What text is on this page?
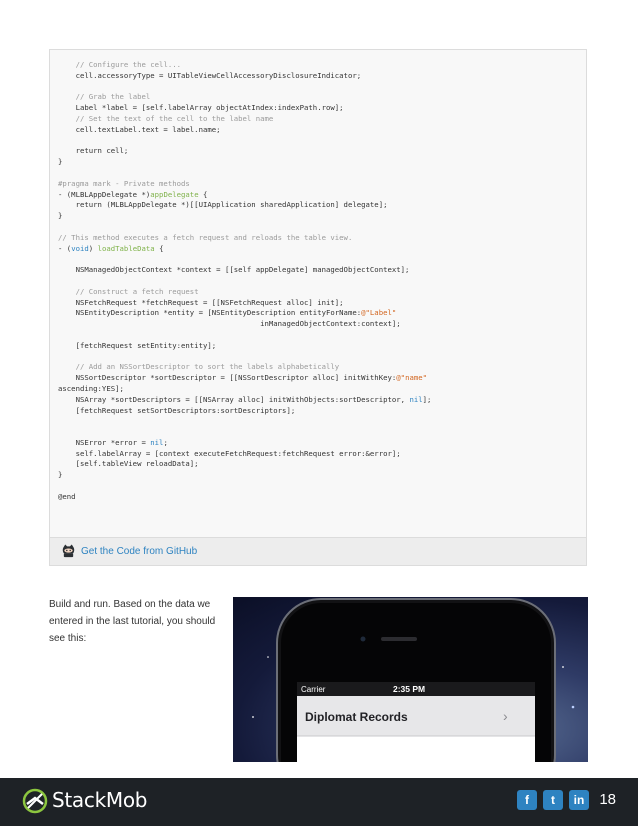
// Configure the cell...
cell.accessoryType = UITableViewCellAccessoryDisclosureIndicator;
// Grab the label
Label *label = [self.labelArray objectAtIndex:indexPath.row];
// Set the text of the cell to the label name
cell.textLabel.text = label.name;
return cell;
}
#pragma mark - Private methods
- (MLBLAppDelegate *)appDelegate {
return (MLBLAppDelegate *)[[UIApplication sharedApplication] delegate];
}
// This method executes a fetch request and reloads the table view.
- (void) loadTableData {
NSManagedObjectContext *context = [[self appDelegate] managedObjectContext];
// Construct a fetch request
NSFetchRequest *fetchRequest = [[NSFetchRequest alloc] init];
NSEntityDescription *entity = [NSEntityDescription entityForName:@"Label"
inManagedObjectContext:context];
[fetchRequest setEntity:entity];
// Add an NSSortDescriptor to sort the labels alphabetically
NSSortDescriptor *sortDescriptor = [[NSSortDescriptor alloc] initWithKey:@"name"
ascending:YES];
NSArray *sortDescriptors = [[NSArray alloc] initWithObjects:sortDescriptor, nil];
[fetchRequest setSortDescriptors:sortDescriptors];
NSError *error = nil;
self.labelArray = [context executeFetchRequest:fetchRequest error:&error];
[self.tableView reloadData];
}
@end
Get the Code from GitHub
Build and run. Based on the data we entered in the last tutorial, you should see this:
›
Carrier	2:35 PM
Diplomat Records
StackMob	f	t	in 18
